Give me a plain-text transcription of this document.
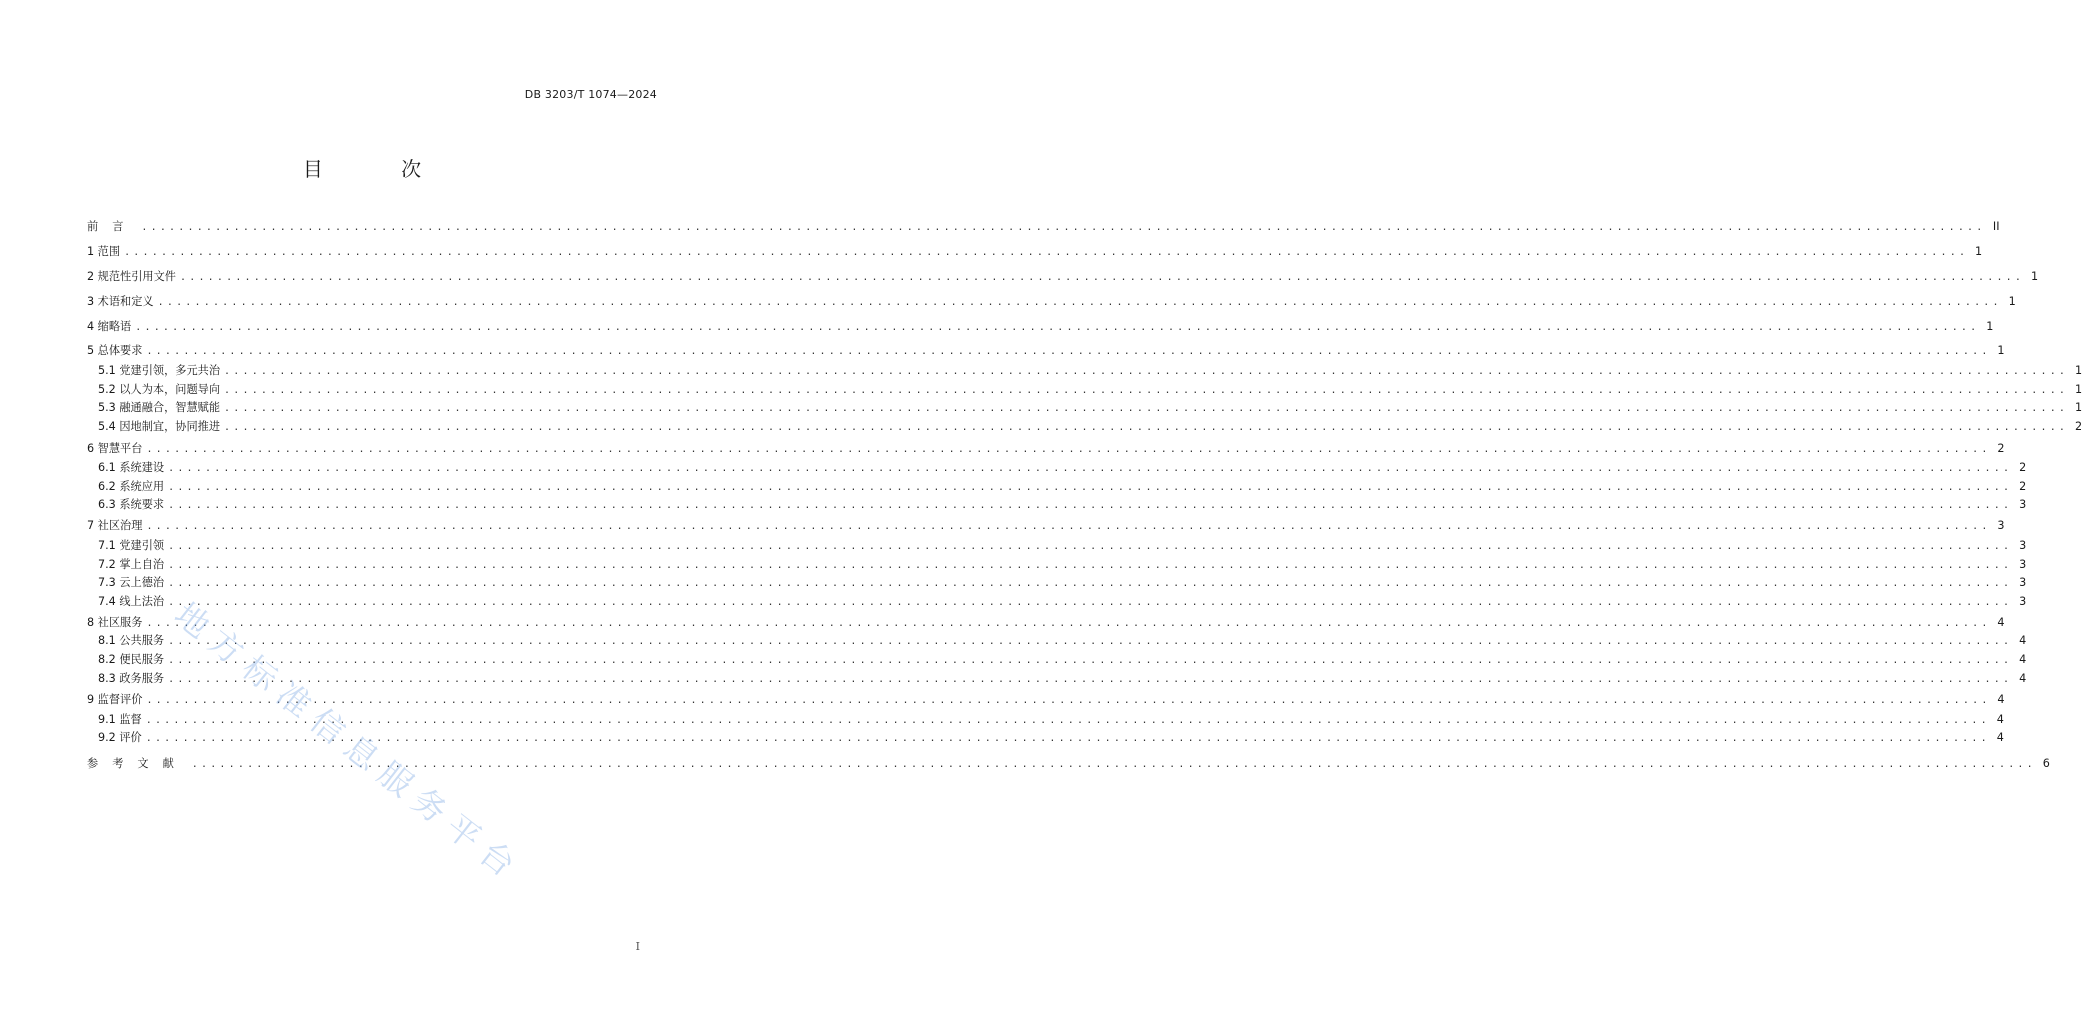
DB 3203/T 1074—2024
目 次
前言 ........................................................................................................................................................................................................ II
1 范围 ........................................................................................................................................................................................................ 1
2 规范性引用文件 ........................................................................................................................................................................................................ 1
3 术语和定义 ........................................................................................................................................................................................................ 1
4 缩略语 ........................................................................................................................................................................................................ 1
5 总体要求 ........................................................................................................................................................................................................ 1
5.1 党建引领，多元共治 ........................................................................................................................................................................................................ 1
5.2 以人为本，问题导向 ........................................................................................................................................................................................................ 1
5.3 融通融合，智慧赋能 ........................................................................................................................................................................................................ 1
5.4 因地制宜，协同推进 ........................................................................................................................................................................................................ 2
6 智慧平台 ........................................................................................................................................................................................................ 2
6.1 系统建设 ........................................................................................................................................................................................................ 2
6.2 系统应用 ........................................................................................................................................................................................................ 2
6.3 系统要求 ........................................................................................................................................................................................................ 3
7 社区治理 ........................................................................................................................................................................................................ 3
7.1 党建引领 ........................................................................................................................................................................................................ 3
7.2 掌上自治 ........................................................................................................................................................................................................ 3
7.3 云上德治 ........................................................................................................................................................................................................ 3
7.4 线上法治 ........................................................................................................................................................................................................ 3
8 社区服务 ........................................................................................................................................................................................................ 4
8.1 公共服务 ........................................................................................................................................................................................................ 4
8.2 便民服务 ........................................................................................................................................................................................................ 4
8.3 政务服务 ........................................................................................................................................................................................................ 4
9 监督评价 ........................................................................................................................................................................................................ 4
9.1 监督 ........................................................................................................................................................................................................ 4
9.2 评价 ........................................................................................................................................................................................................ 4
参考文献 ........................................................................................................................................................................................................ 6
地方标准信息服务平台
I
